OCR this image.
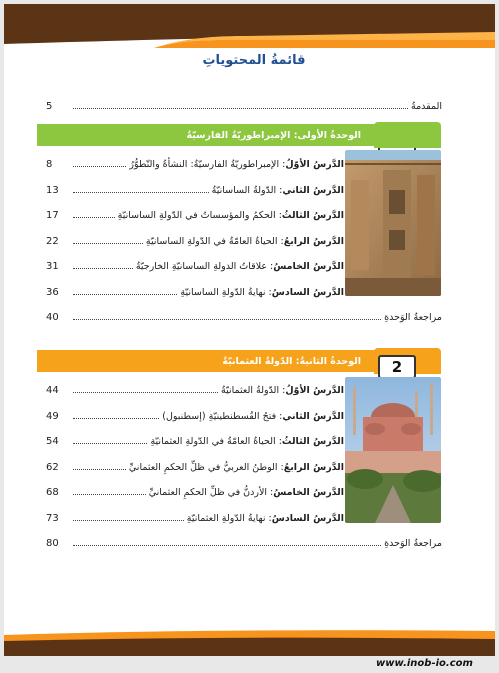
قائمةُ المحتوياتِ
المقدمةُ
5
الوحدةُ الأولى: الإمبراطوريّةُ الفارسيّةُ
الوحدةُ الثانيةُ: الدّولةُ العثمانيّةُ	2
الدَّرسُ الأوّلُ: الإمبراطوريّةُ الفارسيّةُ: النشأةُ والتّطوُّرُ
8
الدَّرسُ الثاني: الدّولةُ الساسانيّةُ
13
الدَّرسُ الثالثُ: الحكمُ والمؤسساتُ في الدّولةِ الساسانيّةِ
17
الدَّرسُ الرابعُ: الحياةُ العامّةُ في الدّولةِ الساسانيّةِ
22
الدَّرسُ الخامسُ: علاقاتُ الدولةِ الساسانيّةِ الخارجيّةُ
31
الدَّرسُ السادسُ: نهايةُ الدّولةِ الساسانيّةِ
36
مراجعةُ الوَحدةِ
40
الدَّرسُ الأوّلُ: الدّولةُ العثمانيّةُ
44
الدَّرسُ الثاني: فتحُ القُسطنطينيّةِ (إسطنبول)
49
الدَّرسُ الثالثُ: الحياةُ العامّةُ في الدّولةِ العثمانيّةِ
54
الدَّرسُ الرابعُ: الوطنُ العربيُّ في ظلِّ الحكمِ العثمانيِّ
62
الدَّرسُ الخامسُ: الأردنُّ في ظلِّ الحكمِ العثمانيِّ
68
الدَّرسُ السادسُ: نهايةُ الدّولةِ العثمانيّةِ
73
مراجعةُ الوَحدةِ
80
www.inob-io.com
